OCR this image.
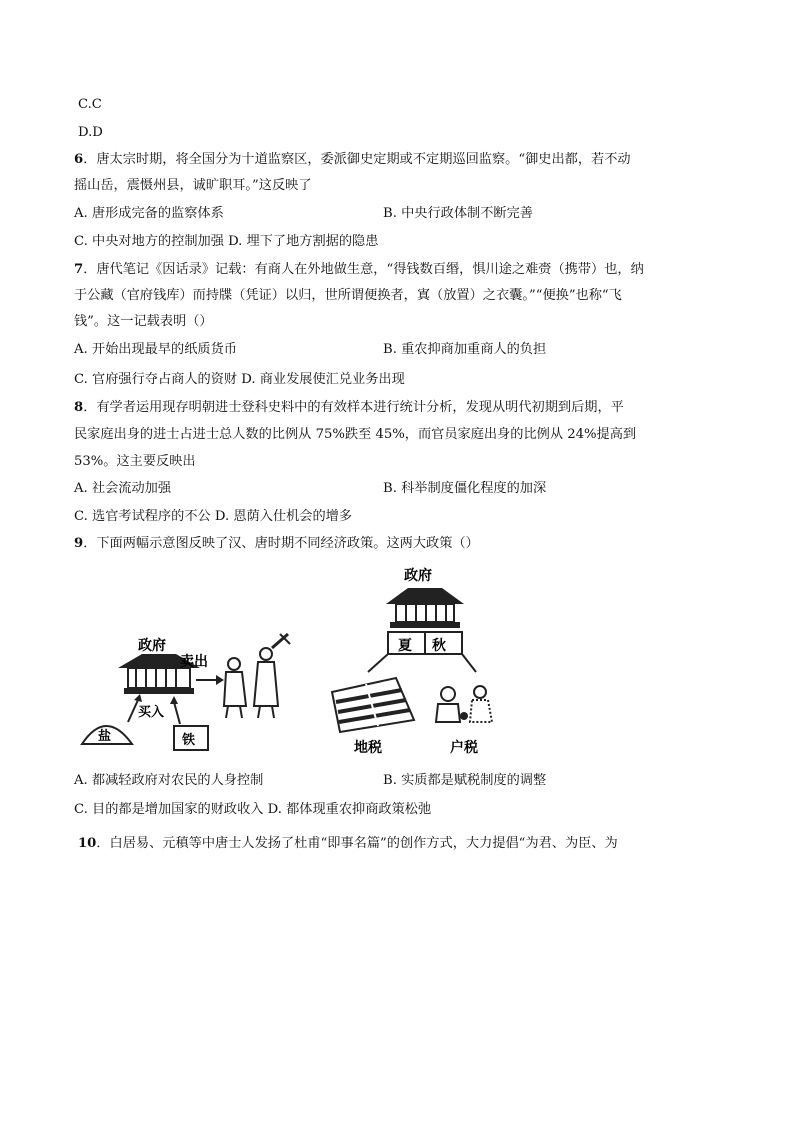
C.C
D.D
6．唐太宗时期，将全国分为十道监察区，委派御史定期或不定期巡回监察。“御史出都，若不动
摇山岳，震慑州县，诚旷职耳。”这反映了
A. 唐形成完备的监察体系	B. 中央行政体制不断完善
C. 中央对地方的控制加强 D. 埋下了地方割据的隐患
7．唐代笔记《因话录》记载：有商人在外地做生意，“得钱数百缗，惧川途之难赍（携带）也，纳
于公藏（官府钱库）而持牒（凭证）以归，世所谓便换者，寘（放置）之衣囊。”“便换”也称“飞
钱”。这一记载表明（）
A. 开始出现最早的纸质货币	B. 重农抑商加重商人的负担
C. 官府强行夺占商人的资财 D. 商业发展使汇兑业务出现
8．有学者运用现存明朝进士登科史料中的有效样本进行统计分析，发现从明代初期到后期，平
民家庭出身的进士占进士总人数的比例从 75%跌至 45%，而官员家庭出身的比例从 24%提高到
53%。这主要反映出
A. 社会流动加强	B. 科举制度僵化程度的加深
C. 选官考试程序的不公 D. 恩荫入仕机会的增多
9．下面两幅示意图反映了汉、唐时期不同经济政策。这两大政策（）
政府
卖出
买入
盐	铁
政府
夏 秋
地税	户税
A. 都减轻政府对农民的人身控制	B. 实质都是赋税制度的调整
C. 目的都是增加国家的财政收入 D. 都体现重农抑商政策松弛
10．白居易、元稹等中唐士人发扬了杜甫“即事名篇”的创作方式，大力提倡“为君、为臣、为
